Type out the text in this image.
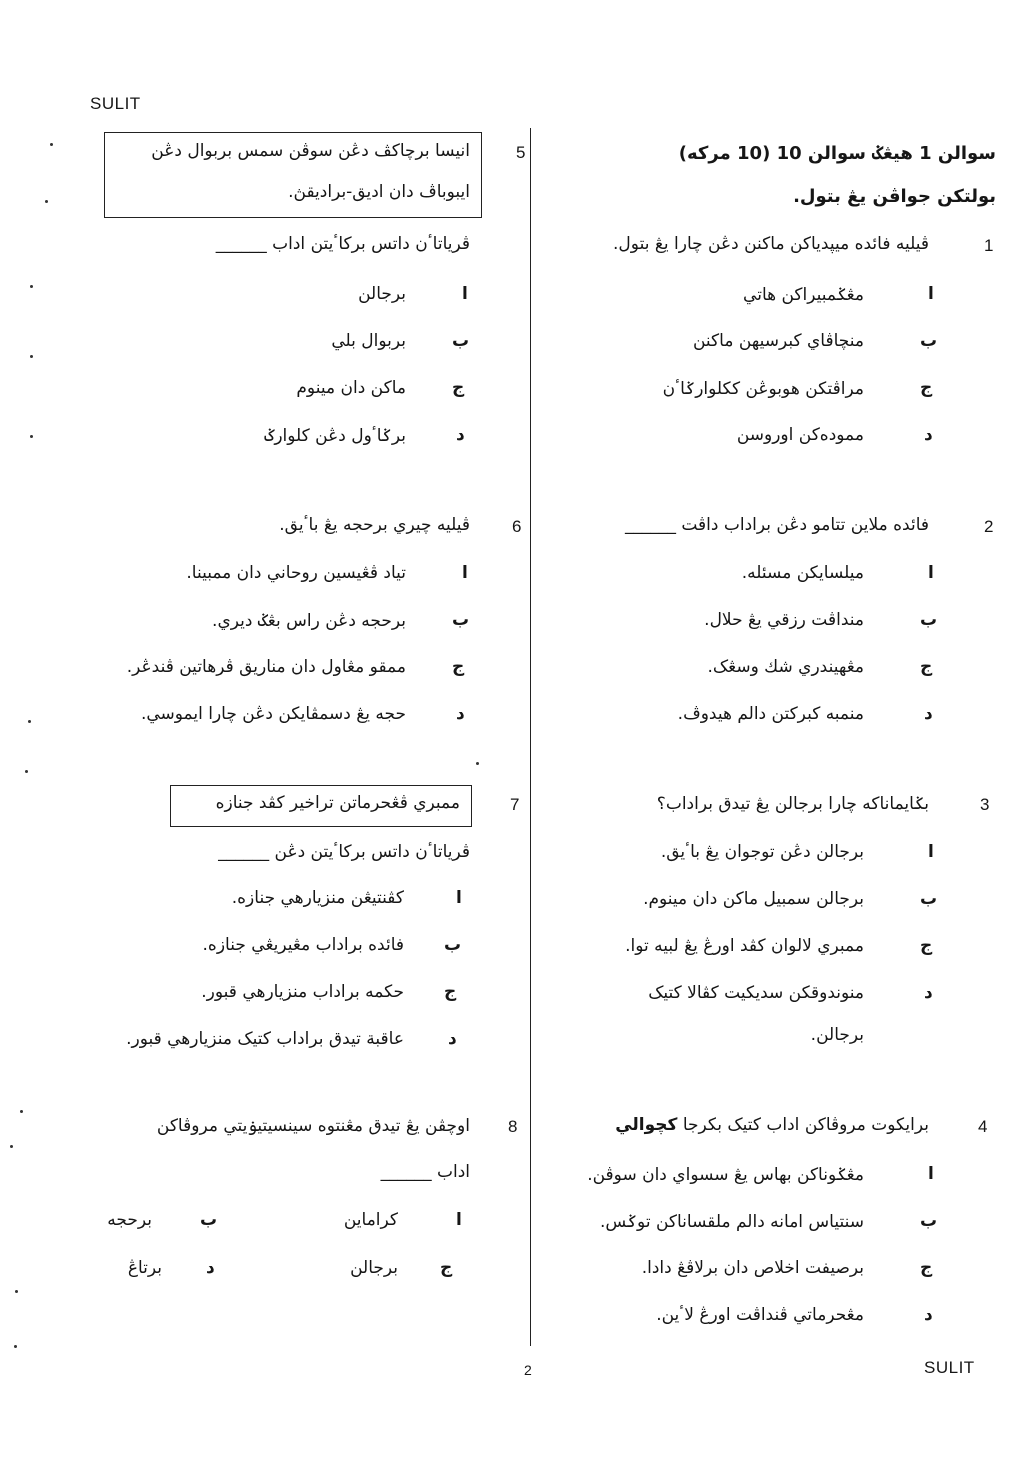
SULIT
سوالن 1 هيڠݢ سوالن 10 (10 مركه)
بولتكن جواڤن يڠ بتول.
1
ڤيليه فائده ميڽدياكن ماكنن دڠن چارا يڠ بتول.
ا
مڠݢمبيراكن هاتي
ب
منچاڤاي كبرسيهن ماكنن
ج
مراڤتكن هوبوڠن ككلوارݢاٴن
د
مموده‌كن اوروسن
2
فائده ملاين تتامو دڠن براداب داڤت ______
ا
ميلسايكن مسئله.
ب
منداڤت رزقي يڠ حلال.
ج
مڠهيندري شك وسڠک.
د
منمبه كبركتن دالم هيدوڤ.
3
بݢايماناكه چارا برجالن يڠ تيدق براداب؟
ا
برجالن دڠن توجوان يڠ باٴيق.
ب
برجالن سمبيل ماكن دان مينوم.
ج
ممبري لالوان كڤد اورڠ يڠ لبيه توا.
د
منوندوقكن سديكيت كڤالا كتيک
برجالن.
4
برايكوت مروڤاكن اداب كتيک بكرجا كچوالي
ا
مڠݢوناكن بهاس يڠ سسواي دان سوڤن.
ب
سنتياس امانه دالم ملقساناكن توݢس.
ج
برصيفت اخلاص دان برلاڤڠ دادا.
د
مڠحرماتي ڤنداڤت اورڠ لاٴين.
5
انيسا برچاكڤ دڠن سوڤن سمس بربوال دڠن
ايبوباڤ دان اديق-براديقڽ.
ڤرياتاٴن داتس بركاٴيتن اداب ______
ا
برجالن
ب
بربوال بلي
ج
ماكن دان مينوم
د
برݢاٴول دڠن كلوارݢ
6
ڤيليه چيري برحجه يڠ باٴيق.
ا
تياد ڤڠيسين روحاني دان ممبينا.
ب
برحجه دڠن راس بڠݢ ديري.
ج
ممقو مڠاول دان مناريق ڤرهاتين ڤندڠر.
د
حجه يڠ دسمڤايكن دڠن چارا ايموسي.
7
ممبري ڤڠحرماتن تراخير كڤد جنازه
ڤرياتاٴن داتس بركاٴيتن دڠن ______
ا
كڤنتيڠن منزيارهي جنازه.
ب
فائده براداب مڠيريڠي جنازه.
ج
حكمه براداب منزيارهي قبور.
د
عاقبة تيدق براداب كتيک منزيارهي قبور.
8
اوچڤن يڠ تيدق مڠنتوه سينسيتيۏيتي مروڤاكن
اداب ______
ا
كراماين
ب
برحجه
ج
برجالن
د
برتاڠ
2	SULIT
